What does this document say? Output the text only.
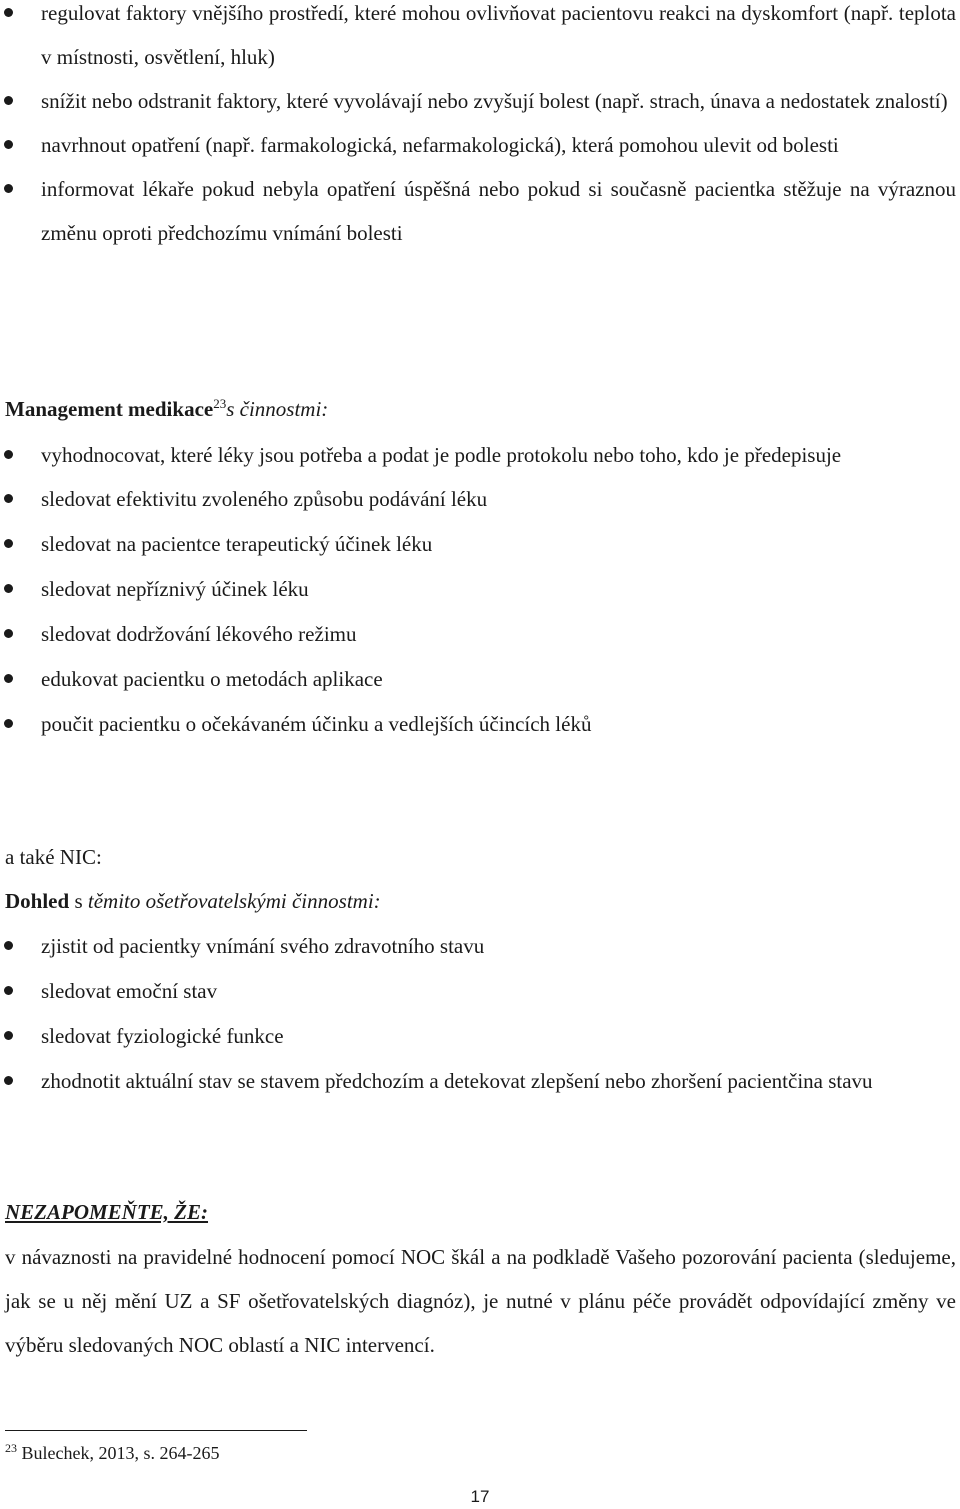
regulovat faktory vnějšího prostředí, které mohou ovlivňovat pacientovu reakci na dyskomfort (např. teplota v místnosti, osvětlení, hluk)
snížit nebo odstranit faktory, které vyvolávají nebo zvyšují bolest (např. strach, únava a nedostatek znalostí)
navrhnout opatření (např. farmakologická, nefarmakologická), která pomohou ulevit od bolesti
informovat lékaře pokud nebyla opatření úspěšná nebo pokud si současně pacientka stěžuje na výraznou změnu oproti předchozímu vnímání bolesti
Management medikace$^{23}$s činnostmi:
vyhodnocovat, které léky jsou potřeba a podat je podle protokolu nebo toho, kdo je předepisuje
sledovat efektivitu zvoleného způsobu podávání léku
sledovat na pacientce terapeutický účinek léku
sledovat nepříznivý účinek léku
sledovat dodržování lékového režimu
edukovat pacientku o metodách aplikace
poučit pacientku o očekávaném účinku a vedlejších účincích léků
a také NIC:
Dohled s těmito ošetřovatelskými činnostmi:
zjistit od pacientky vnímání svého zdravotního stavu
sledovat emoční stav
sledovat fyziologické funkce
zhodnotit aktuální stav se stavem předchozím a detekovat zlepšení nebo zhoršení pacientčina stavu
NEZAPOMEŇTE, ŽE:
v návaznosti na pravidelné hodnocení pomocí NOC škál a na podkladě Vašeho pozorování pacienta (sledujeme, jak se u něj mění UZ a SF ošetřovatelských diagnóz), je nutné v plánu péče provádět odpovídající změny ve výběru sledovaných NOC oblastí a NIC intervencí.
$^{23}$ Bulechek, 2013, s. 264-265
17
